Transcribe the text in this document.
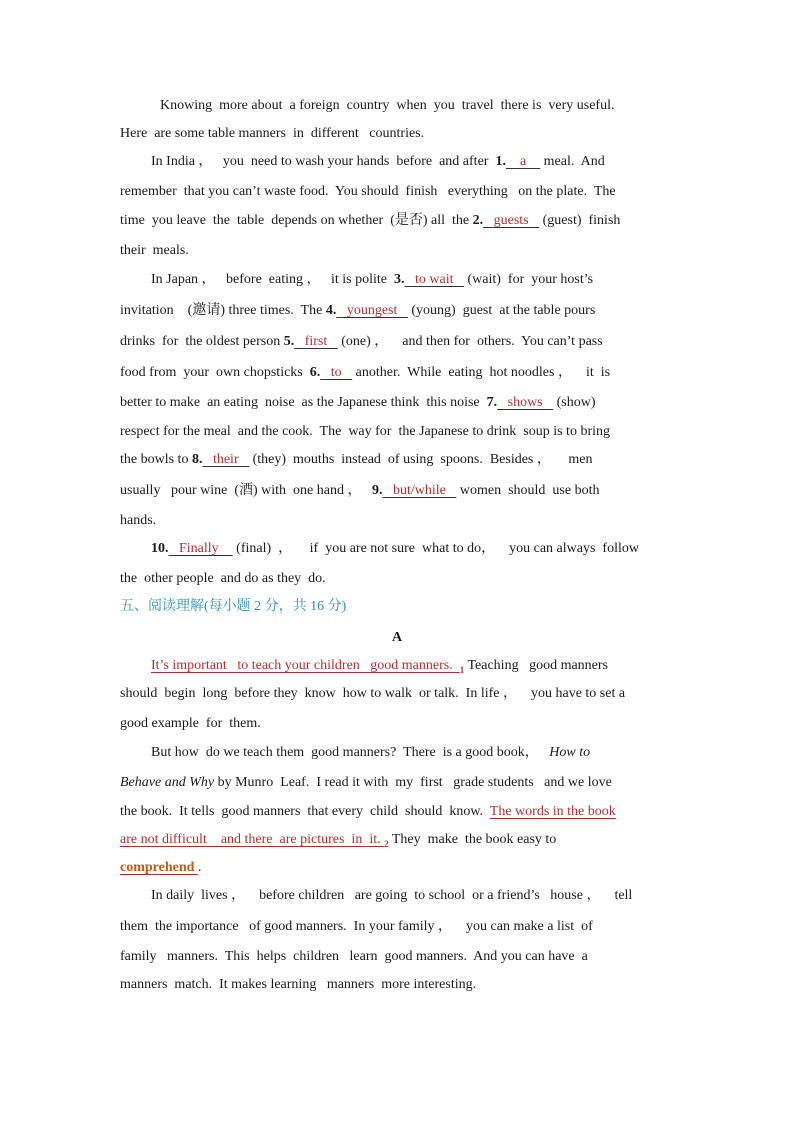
Knowing  more about  a foreign  country  when  you  travel  there is  very useful.
Here  are some table manners  in  different   countries.
In India ，   you  need to wash your hands  before  and after  1.    a     meal.  And
remember  that you can’t waste food.  You should  finish   everything   on the plate.  The
time  you leave  the  table  depends on whether  (是否) all  the 2.   guests    (guest)  finish
their  meals.
In Japan ，   before  eating ，   it is polite  3.   to wait    (wait)  for  your host’s
invitation    (邀请) three times.  The 4.   youngest    (young)  guest  at the table pours
drinks  for  the oldest person 5.   first    (one) ，    and then for  others.  You can’t pass
food from  your  own chopsticks  6.   to    another.  While  eating  hot noodles ，    it  is
better to make  an eating  noise  as the Japanese think  this noise  7.   shows    (show)
respect for the meal  and the cook.  The  way for  the Japanese to drink  soup is to bring
the bowls to 8.   their    (they)  mouths  instead  of using  spoons.  Besides ，     men
usually   pour wine  (酒) with  one hand ，   9.   but/while    women  should  use both
hands.
10.   Finally     (final)  ，     if  you are not sure  what to do，    you can always  follow
the  other people  and do as they  do.
五、阅读理解(每小题 2 分，共 16 分)
A
It’s important   to teach your children   good manners.  $_1$ Teaching   good manners
should  begin  long  before they  know  how to walk  or talk.  In life ，    you have to set a
good example  for  them.
But how  do we teach them  good manners?  There  is a good book，   How to
Behave and Why by Munro  Leaf.  I read it with  my  first   grade students   and we love
the book.  It tells  good manners  that every  child  should  know.  The words in the book
are not difficult    and there  are pictures  in  it. $_2$ They  make  the book easy to
comprehend .
In daily  lives ，    before children   are going  to school  or a friend’s   house ，    tell
them  the importance   of good manners.  In your family ，    you can make a list  of
family   manners.  This  helps  children   learn  good manners.  And you can have  a
manners  match.  It makes learning   manners  more interesting.
